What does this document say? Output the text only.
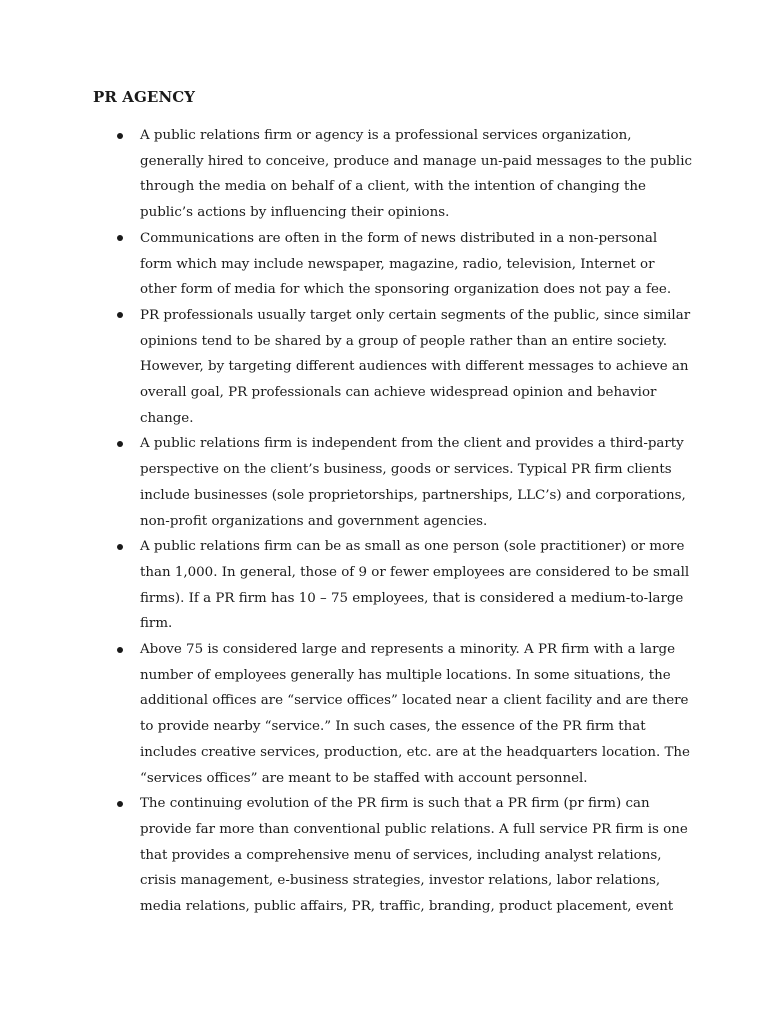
PR AGENCY
A public relations firm or agency is a professional services organization,
generally hired to conceive, produce and manage un-paid messages to the public
through the media on behalf of a client, with the intention of changing the
public’s actions by influencing their opinions.
Communications are often in the form of news distributed in a non-personal
form which may include newspaper, magazine, radio, television, Internet or
other form of media for which the sponsoring organization does not pay a fee.
PR professionals usually target only certain segments of the public, since similar
opinions tend to be shared by a group of people rather than an entire society.
However, by targeting different audiences with different messages to achieve an
overall goal, PR professionals can achieve widespread opinion and behavior
change.
A public relations firm is independent from the client and provides a third-party
perspective on the client’s business, goods or services. Typical PR firm clients
include businesses (sole proprietorships, partnerships, LLC’s) and corporations,
non-profit organizations and government agencies.
A public relations firm can be as small as one person (sole practitioner) or more
than 1,000. In general, those of 9 or fewer employees are considered to be small
firms). If a PR firm has 10 – 75 employees, that is considered a medium-to-large
firm.
Above 75 is considered large and represents a minority. A PR firm with a large
number of employees generally has multiple locations. In some situations, the
additional offices are “service offices” located near a client facility and are there
to provide nearby “service.” In such cases, the essence of the PR firm that
includes creative services, production, etc. are at the headquarters location. The
“services offices” are meant to be staffed with account personnel.
The continuing evolution of the PR firm is such that a PR firm (pr firm) can
provide far more than conventional public relations. A full service PR firm is one
that provides a comprehensive menu of services, including analyst relations,
crisis management, e-business strategies, investor relations, labor relations,
media relations, public affairs, PR, traffic, branding, product placement, event
